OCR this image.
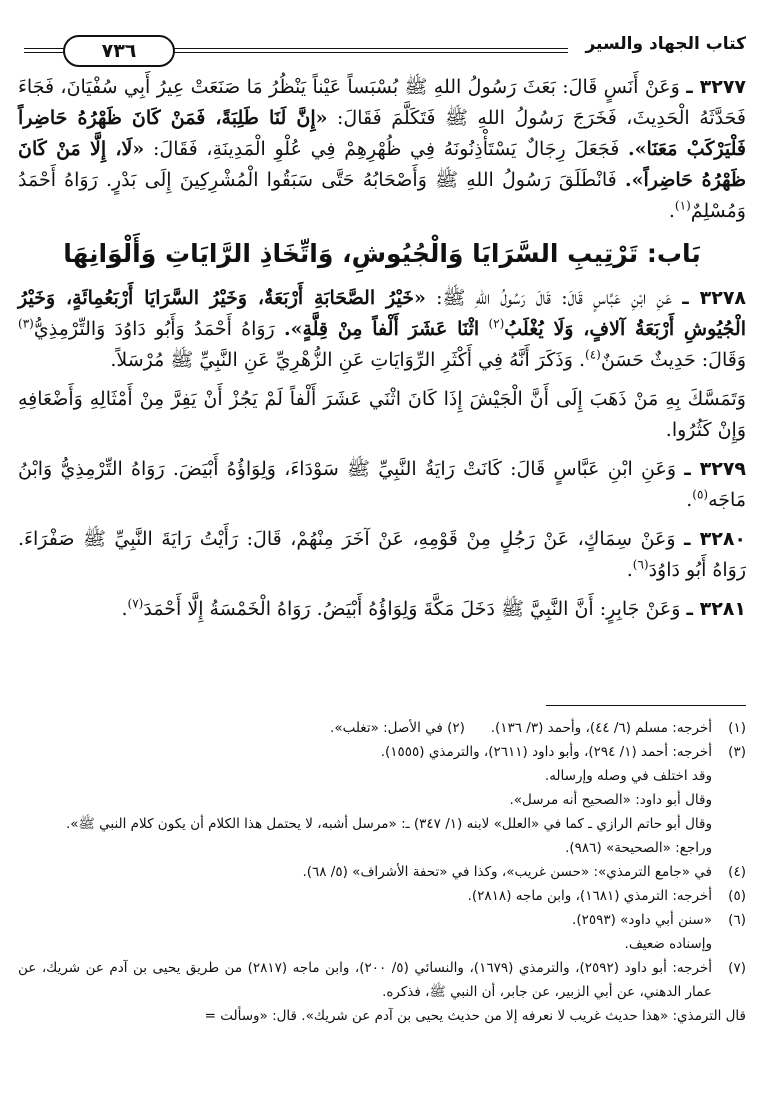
كتاب الجهاد والسير
٧٣٦

٣٢٧٧ ـ وَعَنْ أَنَسٍ قَالَ: بَعَثَ رَسُولُ اللهِ ﷺ بُسْبَساً عَيْناً يَنْظُرُ مَا صَنَعَتْ عِيرُ أَبِي سُفْيَانَ، فَجَاءَ فَحَدَّثَهُ الْحَدِيثَ، فَخَرَجَ رَسُولُ اللهِ ﷺ فَتَكَلَّمَ فَقَالَ: «إِنَّ لَنَا طَلِبَةً، فَمَنْ كَانَ ظَهْرُهُ حَاضِراً فَلْيَرْكَبْ مَعَنَا». فَجَعَلَ رِجَالٌ يَسْتَأْذِنُونَهُ فِي ظُهْرِهِمْ فِي عُلْوِ الْمَدِينَةِ، فَقَالَ: «لَا، إِلَّا مَنْ كَانَ ظَهْرُهُ حَاضِراً». فَانْطَلَقَ رَسُولُ اللهِ ﷺ وَأَصْحَابُهُ حَتَّى سَبَقُوا الْمُشْرِكِينَ إِلَى بَدْرٍ. رَوَاهُ أَحْمَدُ وَمُسْلِمٌ$^{(١)}$.

بَاب: تَرْتِيبِ السَّرَايَا وَالْجُيُوشِ، وَاتِّخَاذِ الرَّايَاتِ وَأَلْوَانِهَا

٣٢٧٨ ـ عَنِ ابْنِ عَبَّاسٍ قَالَ: قَالَ رَسُولُ اللهِ ﷺ: «خَيْرُ الصَّحَابَةِ أَرْبَعَةٌ، وَخَيْرُ السَّرَايَا أَرْبَعُمِائَةٍ، وَخَيْرُ الْجُيُوشِ أَرْبَعَةُ آلافٍ، وَلَا يُغْلَبُ$^{(٢)}$ اثْنَا عَشَرَ أَلْفاً مِنْ قِلَّةٍ». رَوَاهُ أَحْمَدُ وَأَبُو دَاوُدَ وَالتِّرْمِذِيُّ$^{(٣)}$ وَقَالَ: حَدِيثٌ حَسَنٌ$^{(٤)}$. وَذَكَرَ أَنَّهُ فِي أَكْثَرِ الرِّوَايَاتِ عَنِ الزُّهْرِيِّ عَنِ النَّبِيِّ ﷺ مُرْسَلاً.

وَتَمَسَّكَ بِهِ مَنْ ذَهَبَ إِلَى أَنَّ الْجَيْشَ إِذَا كَانَ اثْنَي عَشَرَ أَلْفاً لَمْ يَجُزْ أَنْ يَفِرَّ مِنْ أَمْثَالِهِ وَأَضْعَافِهِ وَإِنْ كَثُرُوا.

٣٢٧٩ ـ وَعَنِ ابْنِ عَبَّاسٍ قَالَ: كَانَتْ رَايَةُ النَّبِيِّ ﷺ سَوْدَاءَ، وَلِوَاؤُهُ أَبْيَضَ. رَوَاهُ التِّرْمِذِيُّ وَابْنُ مَاجَه$^{(٥)}$.

٣٢٨٠ ـ وَعَنْ سِمَاكٍ، عَنْ رَجُلٍ مِنْ قَوْمِهِ، عَنْ آخَرَ مِنْهُمْ، قَالَ: رَأَيْتُ رَايَةَ النَّبِيِّ ﷺ صَفْرَاءَ. رَوَاهُ أَبُو دَاوُدَ$^{(٦)}$.

٣٢٨١ ـ وَعَنْ جَابِرٍ: أَنَّ النَّبِيَّ ﷺ دَخَلَ مَكَّةَ وَلِوَاؤُهُ أَبْيَضُ. رَوَاهُ الْخَمْسَةُ إِلَّا أَحْمَدَ$^{(٧)}$.

(١)
أخرجه: مسلم (٦/ ٤٤)، وأحمد (٣/ ١٣٦).      (٢) في الأصل: «تغلب».
(٣)
أخرجه: أحمد (١/ ٢٩٤)، وأبو داود (٢٦١١)، والترمذي (١٥٥٥).
وقد اختلف في وصله وإرساله.
وقال أبو داود: «الصحيح أنه مرسل».
وقال أبو حاتم الرازي ـ كما في «العلل» لابنه (١/ ٣٤٧) ـ: «مرسل أشبه، لا يحتمل هذا الكلام أن يكون كلام النبي ﷺ».
وراجع: «الصحيحة» (٩٨٦).
(٤)
في «جامع الترمذي»: «حسن غريب»، وكذا في «تحفة الأشراف» (٥/ ٦٨).
(٥)
أخرجه: الترمذي (١٦٨١)، وابن ماجه (٢٨١٨).
(٦)
«سنن أبي داود» (٢٥٩٣).
وإسناده ضعيف.
(٧)
أخرجه: أبو داود (٢٥٩٢)، والترمذي (١٦٧٩)، والنسائي (٥/ ٢٠٠)، وابن ماجه (٢٨١٧) من طريق يحيى بن آدم عن شريك، عن عمار الدهني، عن أبي الزبير، عن جابر، أن النبي ﷺ، فذكره.
قال الترمذي: «هذا حديث غريب لا نعرفه إلا من حديث يحيى بن آدم عن شريك». قال: «وسألت =
